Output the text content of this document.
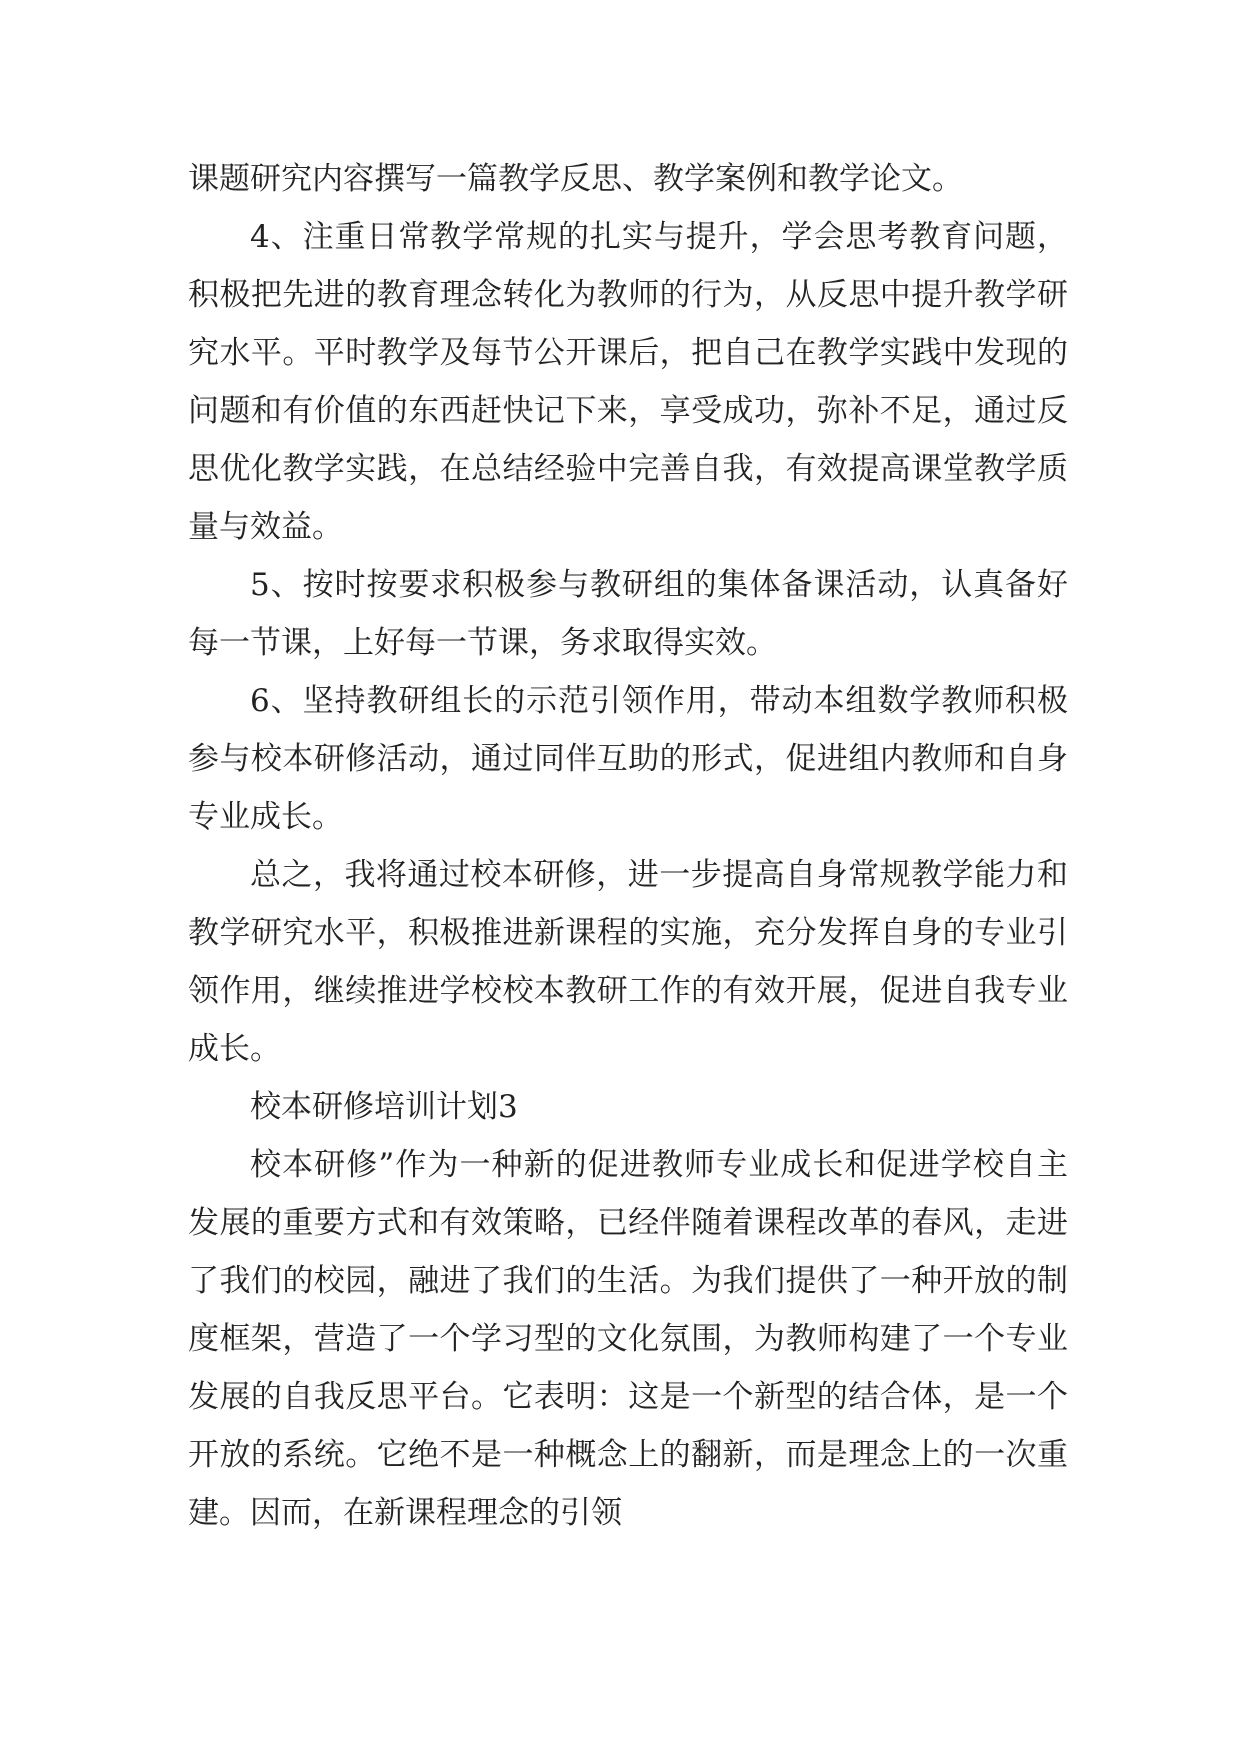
课题研究内容撰写一篇教学反思、教学案例和教学论文。

4、注重日常教学常规的扎实与提升，学会思考教育问题，积极把先进的教育理念转化为教师的行为，从反思中提升教学研究水平。平时教学及每节公开课后，把自己在教学实践中发现的问题和有价值的东西赶快记下来，享受成功，弥补不足，通过反思优化教学实践，在总结经验中完善自我，有效提高课堂教学质量与效益。

5、按时按要求积极参与教研组的集体备课活动，认真备好每一节课，上好每一节课，务求取得实效。

6、坚持教研组长的示范引领作用，带动本组数学教师积极参与校本研修活动，通过同伴互助的形式，促进组内教师和自身专业成长。

总之，我将通过校本研修，进一步提高自身常规教学能力和教学研究水平，积极推进新课程的实施，充分发挥自身的专业引领作用，继续推进学校校本教研工作的有效开展，促进自我专业成长。

校本研修培训计划3

校本研修”作为一种新的促进教师专业成长和促进学校自主发展的重要方式和有效策略，已经伴随着课程改革的春风，走进了我们的校园，融进了我们的生活。为我们提供了一种开放的制度框架，营造了一个学习型的文化氛围，为教师构建了一个专业发展的自我反思平台。它表明：这是一个新型的结合体，是一个开放的系统。它绝不是一种概念上的翻新，而是理念上的一次重建。因而，在新课程理念的引领
